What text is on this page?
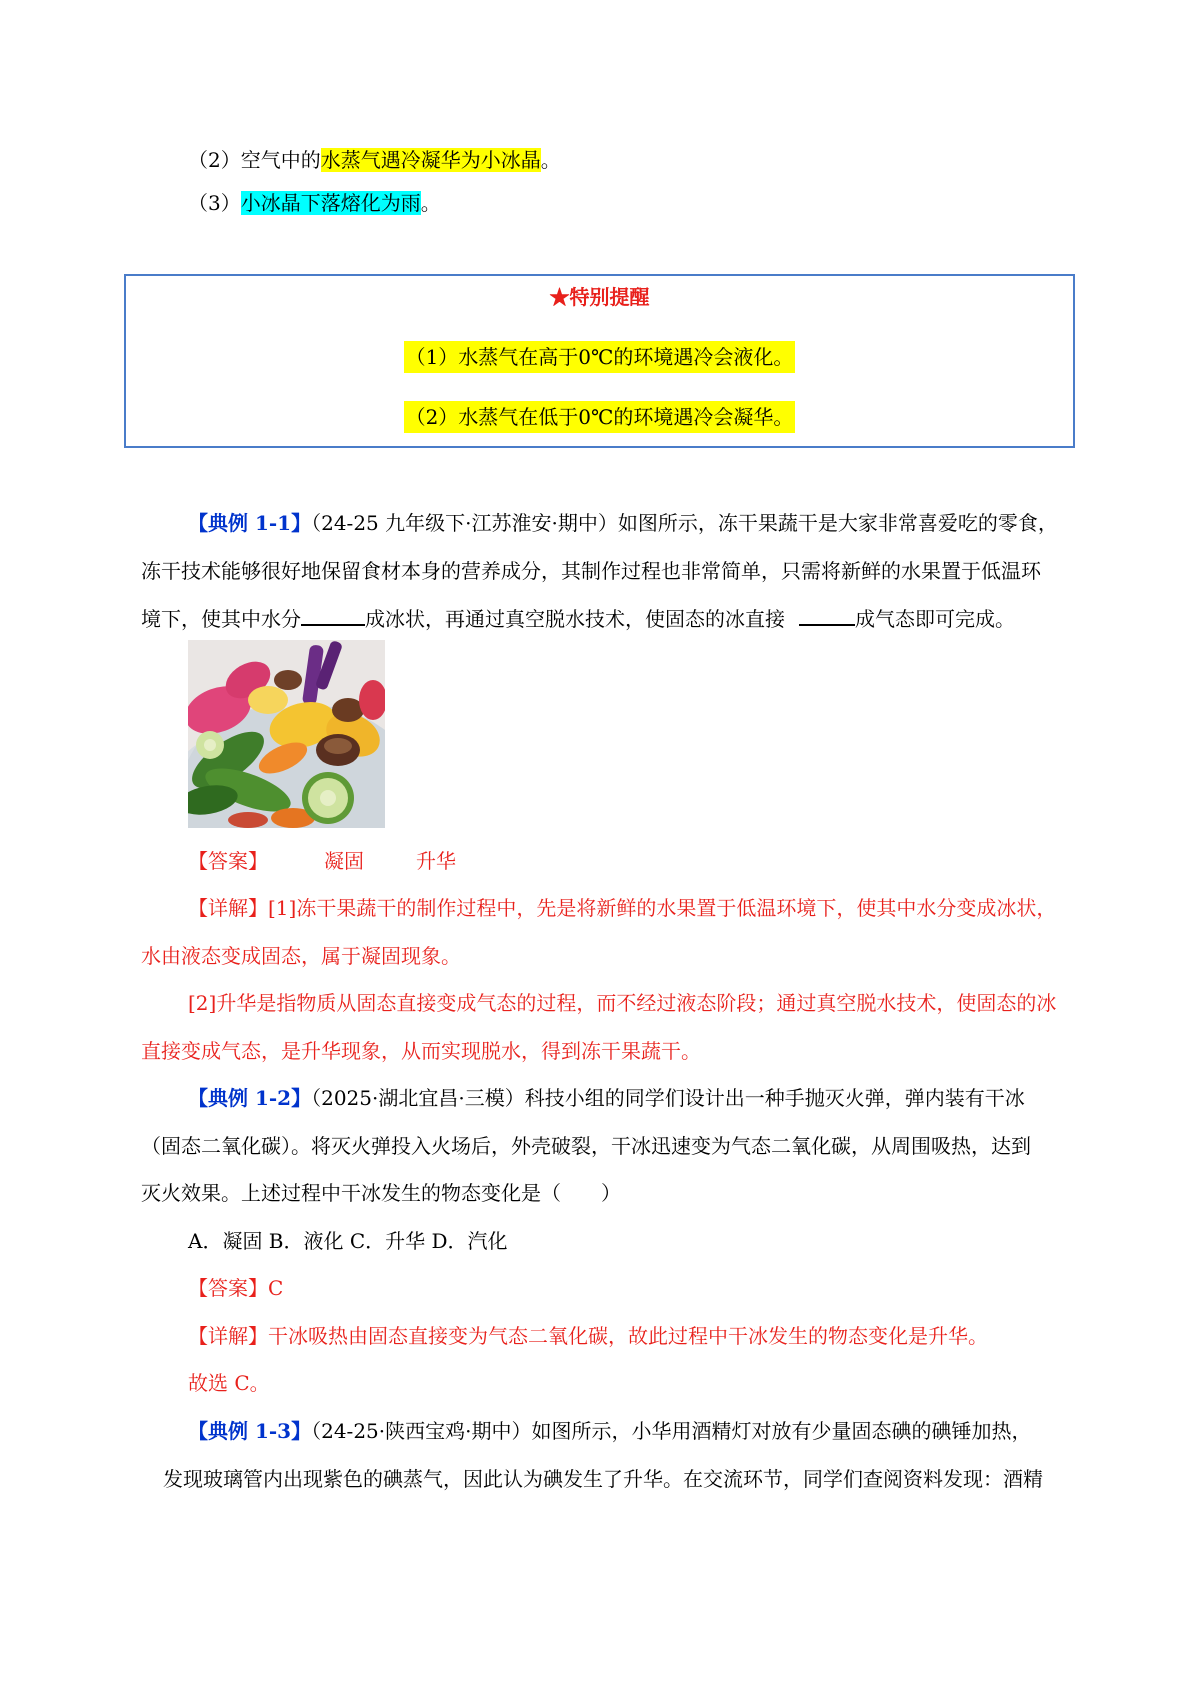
（2）空气中的水蒸气遇冷凝华为小冰晶。
（3）小冰晶下落熔化为雨。
★特别提醒
（1）水蒸气在高于0℃的环境遇冷会液化。
（2）水蒸气在低于0℃的环境遇冷会凝华。
【典例 1-1】（24-25 九年级下·江苏淮安·期中）如图所示，冻干果蔬干是大家非常喜爱吃的零食，
冻干技术能够很好地保留食材本身的营养成分，其制作过程也非常简单，只需将新鲜的水果置于低温环
境下，使其中水分	成冰状，再通过真空脱水技术，使固态的冰直接	成气态即可完成。
【答案】	凝固	升华
【详解】[1]冻干果蔬干的制作过程中，先是将新鲜的水果置于低温环境下，使其中水分变成冰状，
水由液态变成固态，属于凝固现象。
[2]升华是指物质从固态直接变成气态的过程，而不经过液态阶段；通过真空脱水技术，使固态的冰
直接变成气态，是升华现象，从而实现脱水，得到冻干果蔬干。
【典例 1-2】（2025·湖北宜昌·三模）科技小组的同学们设计出一种手抛灭火弹，弹内装有干冰
（固态二氧化碳）。将灭火弹投入火场后，外壳破裂，干冰迅速变为气态二氧化碳，从周围吸热，达到
灭火效果。上述过程中干冰发生的物态变化是（　　）
A．凝固 B．液化 C．升华 D．汽化
【答案】C
【详解】干冰吸热由固态直接变为气态二氧化碳，故此过程中干冰发生的物态变化是升华。
故选 C。
【典例 1-3】（24-25·陕西宝鸡·期中）如图所示，小华用酒精灯对放有少量固态碘的碘锤加热，
发现玻璃管内出现紫色的碘蒸气，因此认为碘发生了升华。在交流环节，同学们查阅资料发现：酒精
